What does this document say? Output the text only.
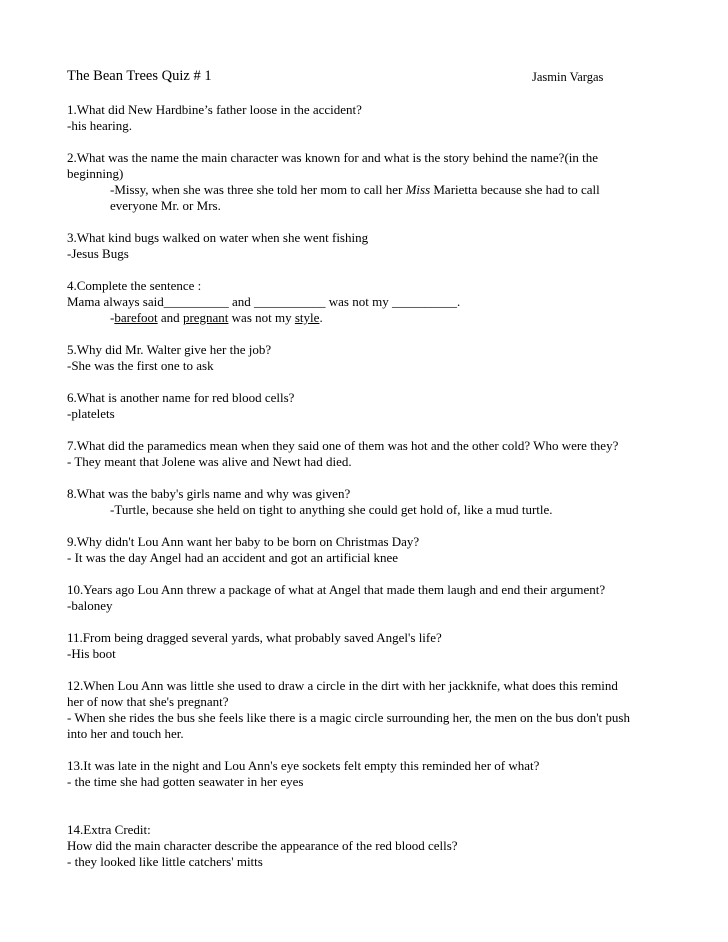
The Bean Trees Quiz # 1	Jasmin Vargas
1.What did New Hardbine’s father loose in the accident?
-his hearing.
2.What was the name the main character was known for and what is the story behind the name?(in the
beginning)
-Missy, when she was three she told her mom to call her Miss Marietta because she had to call
everyone Mr. or Mrs.
3.What kind bugs walked on water when she went fishing
-Jesus Bugs
4.Complete the sentence :
Mama always said__________ and ___________ was not my __________.
-barefoot and pregnant was not my style.
5.Why did Mr. Walter give her the job?
-She was the first one to ask
6.What is another name for red blood cells?
-platelets
7.What did the paramedics mean when they said one of them was hot and the other cold? Who were they?
- They meant that Jolene was alive and Newt had died.
8.What was the baby's girls name and why was given?
-Turtle, because she held on tight to anything she could get hold of, like a mud turtle.
9.Why didn't Lou Ann want her baby to be born on Christmas Day?
- It was the day Angel had an accident and got an artificial knee
10.Years ago Lou Ann threw a package of what at Angel that made them laugh and end their argument?
-baloney
11.From being dragged several yards, what probably saved Angel's life?
-His boot
12.When Lou Ann was little she used to draw a circle in the dirt with her jackknife, what does this remind
her of now that she's pregnant?
- When she rides the bus she feels like there is a magic circle surrounding her, the men on the bus don't push
into her and touch her.
13.It was late in the night and Lou Ann's eye sockets felt empty this reminded her of what?
- the time she had gotten seawater in her eyes
14.Extra Credit:
How did the main character describe the appearance of the red blood cells?
- they looked like little catchers' mitts
